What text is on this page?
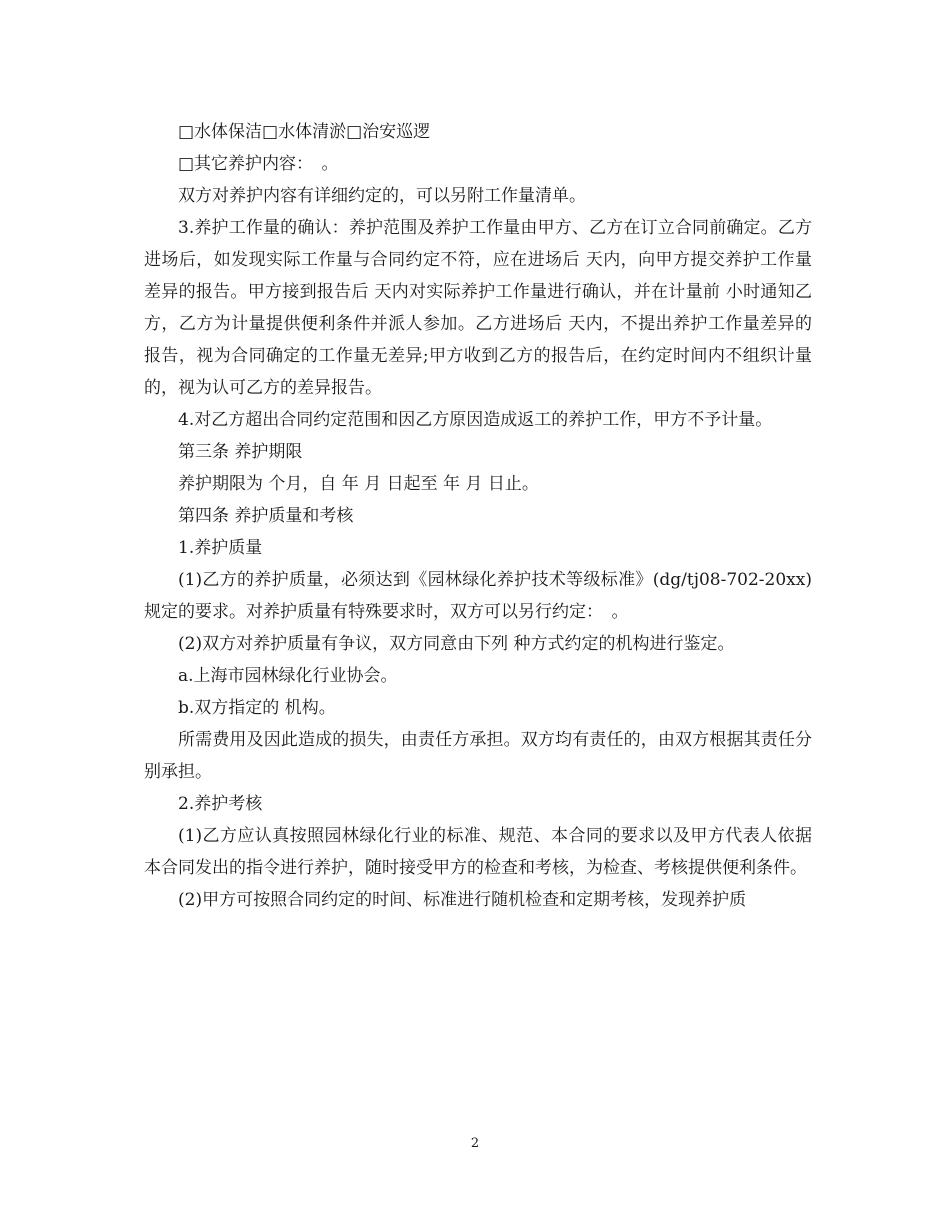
□水体保洁□水体清淤□治安巡逻

□其它养护内容：　。

双方对养护内容有详细约定的，可以另附工作量清单。

3.养护工作量的确认：养护范围及养护工作量由甲方、乙方在订立合同前确定。乙方进场后，如发现实际工作量与合同约定不符，应在进场后 天内，向甲方提交养护工作量差异的报告。甲方接到报告后 天内对实际养护工作量进行确认，并在计量前 小时通知乙方，乙方为计量提供便利条件并派人参加。乙方进场后 天内，不提出养护工作量差异的报告，视为合同确定的工作量无差异;甲方收到乙方的报告后，在约定时间内不组织计量的，视为认可乙方的差异报告。

4.对乙方超出合同约定范围和因乙方原因造成返工的养护工作，甲方不予计量。

第三条 养护期限

养护期限为 个月，自 年 月 日起至 年 月 日止。

第四条 养护质量和考核

1.养护质量

(1)乙方的养护质量，必须达到《园林绿化养护技术等级标准》(dg/tj08-702-20xx)规定的要求。对养护质量有特殊要求时，双方可以另行约定：　。

(2)双方对养护质量有争议，双方同意由下列 种方式约定的机构进行鉴定。

a.上海市园林绿化行业协会。

b.双方指定的 机构。

所需费用及因此造成的损失，由责任方承担。双方均有责任的，由双方根据其责任分别承担。

2.养护考核

(1)乙方应认真按照园林绿化行业的标准、规范、本合同的要求以及甲方代表人依据本合同发出的指令进行养护，随时接受甲方的检查和考核，为检查、考核提供便利条件。

(2)甲方可按照合同约定的时间、标准进行随机检查和定期考核，发现养护质

2
